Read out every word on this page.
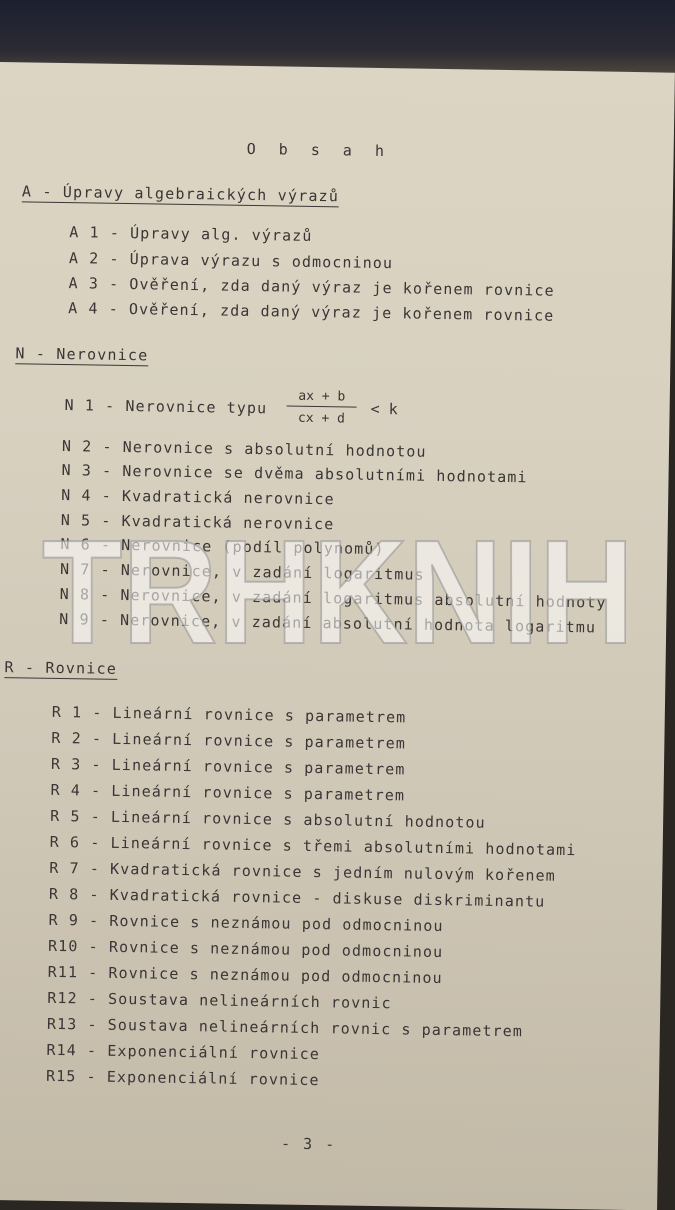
O b s a h
A - Úpravy algebraických výrazů
A 1 - Úpravy alg. výrazů
A 2 - Úprava výrazu s odmocninou
A 3 - Ověření, zda daný výraz je kořenem rovnice
A 4 - Ověření, zda daný výraz je kořenem rovnice
N - Nerovnice
N 1 - Nerovnice typu $\frac{ax + b}{cx + d} < k$
N 2 - Nerovnice s absolutní hodnotou
N 3 - Nerovnice se dvěma absolutními hodnotami
N 4 - Kvadratická nerovnice
N 5 - Kvadratická nerovnice
N 6 - Nerovnice (podíl polynomů)
N 7 - Nerovnice, v zadání logaritmus
N 8 - Nerovnice, v zadání logaritmus absolutní hodnoty
N 9 - Nerovnice, v zadání absolutní hodnota logaritmu
R - Rovnice
R 1 - Lineární rovnice s parametrem
R 2 - Lineární rovnice s parametrem
R 3 - Lineární rovnice s parametrem
R 4 - Lineární rovnice s parametrem
R 5 - Lineární rovnice s absolutní hodnotou
R 6 - Lineární rovnice s třemi absolutními hodnotami
R 7 - Kvadratická rovnice s jedním nulovým kořenem
R 8 - Kvadratická rovnice - diskuse diskriminantu
R 9 - Rovnice s neznámou pod odmocninou
R10 - Rovnice s neznámou pod odmocninou
R11 - Rovnice s neznámou pod odmocninou
R12 - Soustava nelineárních rovnic
R13 - Soustava nelineárních rovnic s parametrem
R14 - Exponenciální rovnice
R15 - Exponenciální rovnice
- 3 -
TRHKNIH
